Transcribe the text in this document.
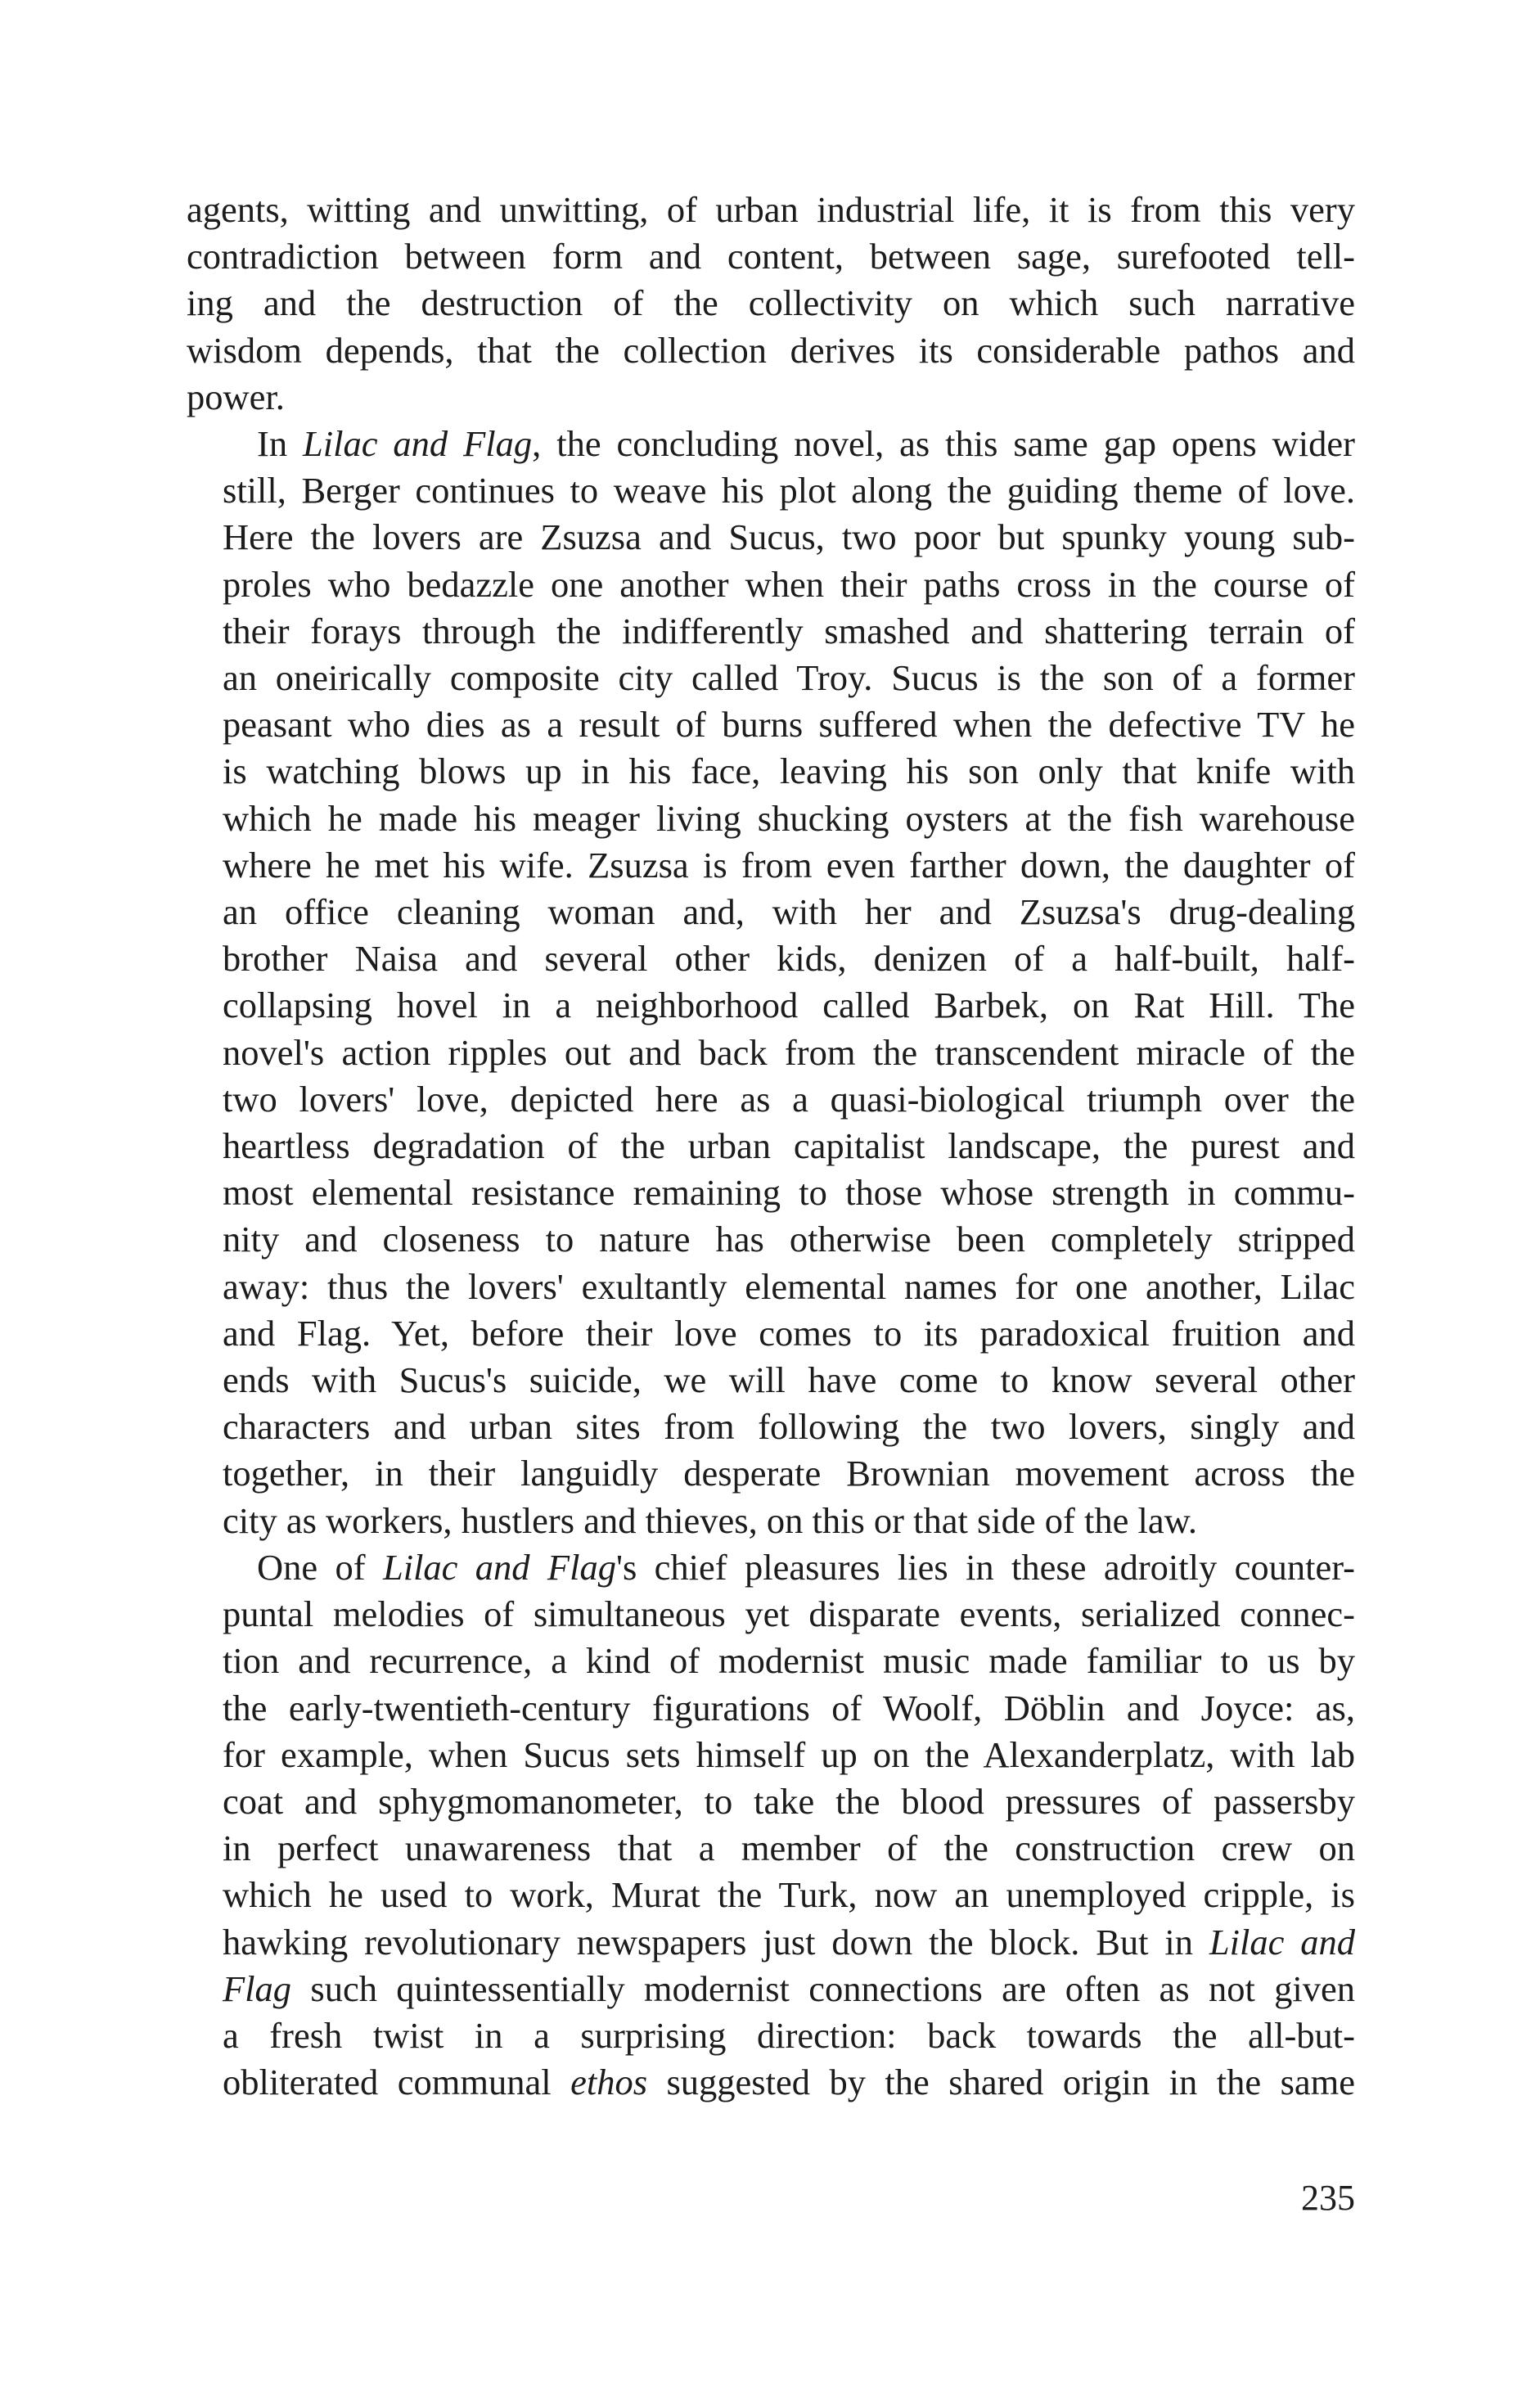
agents, witting and unwitting, of urban industrial life, it is from this very
contradiction between form and content, between sage, surefooted tell-
ing and the destruction of the collectivity on which such narrative
wisdom depends, that the collection derives its considerable pathos and
power.

In Lilac and Flag, the concluding novel, as this same gap opens wider
still, Berger continues to weave his plot along the guiding theme of love.
Here the lovers are Zsuzsa and Sucus, two poor but spunky young sub-
proles who bedazzle one another when their paths cross in the course of
their forays through the indifferently smashed and shattering terrain of
an oneirically composite city called Troy. Sucus is the son of a former
peasant who dies as a result of burns suffered when the defective TV he
is watching blows up in his face, leaving his son only that knife with
which he made his meager living shucking oysters at the fish warehouse
where he met his wife. Zsuzsa is from even farther down, the daughter of
an office cleaning woman and, with her and Zsuzsa's drug-dealing
brother Naisa and several other kids, denizen of a half-built, half-
collapsing hovel in a neighborhood called Barbek, on Rat Hill. The
novel's action ripples out and back from the transcendent miracle of the
two lovers' love, depicted here as a quasi-biological triumph over the
heartless degradation of the urban capitalist landscape, the purest and
most elemental resistance remaining to those whose strength in commu-
nity and closeness to nature has otherwise been completely stripped
away: thus the lovers' exultantly elemental names for one another, Lilac
and Flag. Yet, before their love comes to its paradoxical fruition and
ends with Sucus's suicide, we will have come to know several other
characters and urban sites from following the two lovers, singly and
together, in their languidly desperate Brownian movement across the
city as workers, hustlers and thieves, on this or that side of the law.

One of Lilac and Flag's chief pleasures lies in these adroitly counter-
puntal melodies of simultaneous yet disparate events, serialized connec-
tion and recurrence, a kind of modernist music made familiar to us by
the early-twentieth-century figurations of Woolf, Döblin and Joyce: as,
for example, when Sucus sets himself up on the Alexanderplatz, with lab
coat and sphygmomanometer, to take the blood pressures of passersby
in perfect unawareness that a member of the construction crew on
which he used to work, Murat the Turk, now an unemployed cripple, is
hawking revolutionary newspapers just down the block. But in Lilac and
Flag such quintessentially modernist connections are often as not given
a fresh twist in a surprising direction: back towards the all-but-
obliterated communal ethos suggested by the shared origin in the same

235
